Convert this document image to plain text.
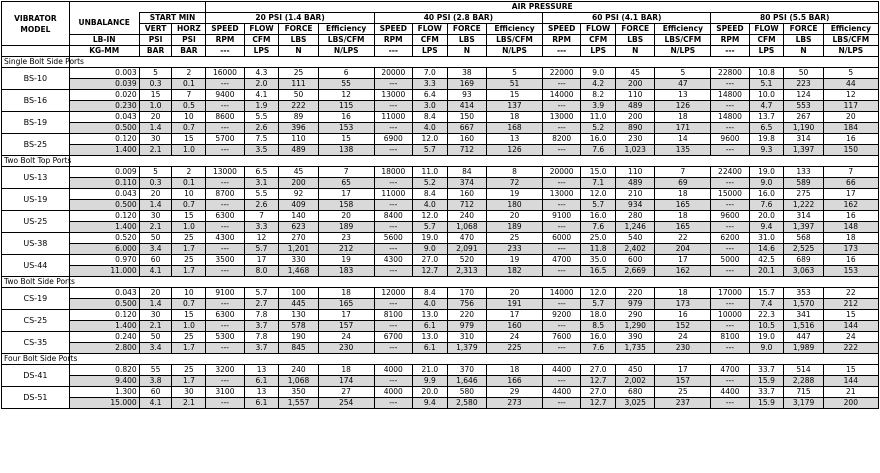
VIBRATOR MODEL				AIR PRESSURE															
	UNBALANCE	START MIN		20 PSI (1.4 BAR)				40 PSI (2.8 BAR)				60 PSI (4.1 BAR)				80 PSI (5.5 BAR)			
		VERT	HORZ	SPEED	FLOW	FORCE	Efficiency	SPEED	FLOW	FORCE	Efficiency	SPEED	FLOW	FORCE	Efficiency	SPEED	FLOW	FORCE	Efficiency
	LB-IN	PSI	PSI	RPM	CFM	LBS	LBS/CFM	RPM	CFM	LBS	LBS/CFM	RPM	CFM	LBS	LBS/CFM	RPM	CFM	LBS	LBS/CFM
	KG-MM	BAR	BAR	---	LPS	N	N/LPS	---	LPS	N	N/LPS	---	LPS	N	N/LPS	---	LPS	N	N/LPS
Single Bolt Side Ports																			
BS-10	0.003	5	2	16000	4.3	25	6	20000	7.0	38	5	22000	9.0	45	5	22800	10.8	50	5
	0.039	0.3	0.1	---	2.0	111	55	---	3.3	169	51	---	4.2	200	47	---	5.1	223	44
BS-16	0.020	15	7	9400	4.1	50	12	13000	6.4	93	15	14000	8.2	110	13	14800	10.0	124	12
	0.230	1.0	0.5	---	1.9	222	115	---	3.0	414	137	---	3.9	489	126	---	4.7	553	117
BS-19	0.043	20	10	8600	5.5	89	16	11000	8.4	150	18	13000	11.0	200	18	14800	13.7	267	20
	0.500	1.4	0.7	---	2.6	396	153	---	4.0	667	168	---	5.2	890	171	---	6.5	1,190	184
BS-25	0.120	30	15	5700	7.5	110	15	6900	12.0	160	13	8200	16.0	230	14	9600	19.8	314	16
	1.400	2.1	1.0	---	3.5	489	138	---	5.7	712	126	---	7.6	1,023	135	---	9.3	1,397	150
Two Bolt Top Ports																			
US-13	0.009	5	2	13000	6.5	45	7	18000	11.0	84	8	20000	15.0	110	7	22400	19.0	133	7
	0.110	0.3	0.1	---	3.1	200	65	---	5.2	374	72	---	7.1	489	69	---	9.0	589	66
US-19	0.043	20	10	8700	5.5	92	17	11000	8.4	160	19	13000	12.0	210	18	15000	16.0	275	17
	0.500	1.4	0.7	---	2.6	409	158	---	4.0	712	180	---	5.7	934	165	---	7.6	1,222	162
US-25	0.120	30	15	6300	7	140	20	8400	12.0	240	20	9100	16.0	280	18	9600	20.0	314	16
	1.400	2.1	1.0	---	3.3	623	189	---	5.7	1,068	189	---	7.6	1,246	165	---	9.4	1,397	148
US-38	0.520	50	25	4300	12	270	23	5600	19.0	470	25	6000	25.0	540	22	6200	31.0	568	18
	6.000	3.4	1.7	---	5.7	1,201	212	---	9.0	2,091	233	---	11.8	2,402	204	---	14.6	2,525	173
US-44	0.970	60	25	3500	17	330	19	4300	27.0	520	19	4700	35.0	600	17	5000	42.5	689	16
	11.000	4.1	1.7	---	8.0	1,468	183	---	12.7	2,313	182	---	16.5	2,669	162	---	20.1	3,063	153
Two Bolt Side Ports																			
CS-19	0.043	20	10	9100	5.7	100	18	12000	8.4	170	20	14000	12.0	220	18	17000	15.7	353	22
	0.500	1.4	0.7	---	2.7	445	165	---	4.0	756	191	---	5.7	979	173	---	7.4	1,570	212
CS-25	0.120	30	15	6300	7.8	130	17	8100	13.0	220	17	9200	18.0	290	16	10000	22.3	341	15
	1.400	2.1	1.0	---	3.7	578	157	---	6.1	979	160	---	8.5	1,290	152	---	10.5	1,516	144
CS-35	0.240	50	25	5300	7.8	190	24	6700	13.0	310	24	7600	16.0	390	24	8100	19.0	447	24
	2.800	3.4	1.7	---	3.7	845	230	---	6.1	1,379	225	---	7.6	1,735	230	---	9.0	1,989	222
Four Bolt Side Ports																			
DS-41	0.820	55	25	3200	13	240	18	4000	21.0	370	18	4400	27.0	450	17	4700	33.7	514	15
	9.400	3.8	1.7	---	6.1	1,068	174	---	9.9	1,646	166	---	12.7	2,002	157	---	15.9	2,288	144
DS-51	1.300	60	30	3100	13	350	27	4000	20.0	580	29	4400	27.0	680	25	4400	33.7	715	21
	15.000	4.1	2.1	---	6.1	1,557	254	---	9.4	2,580	273	---	12.7	3,025	237	---	15.9	3,179	200
